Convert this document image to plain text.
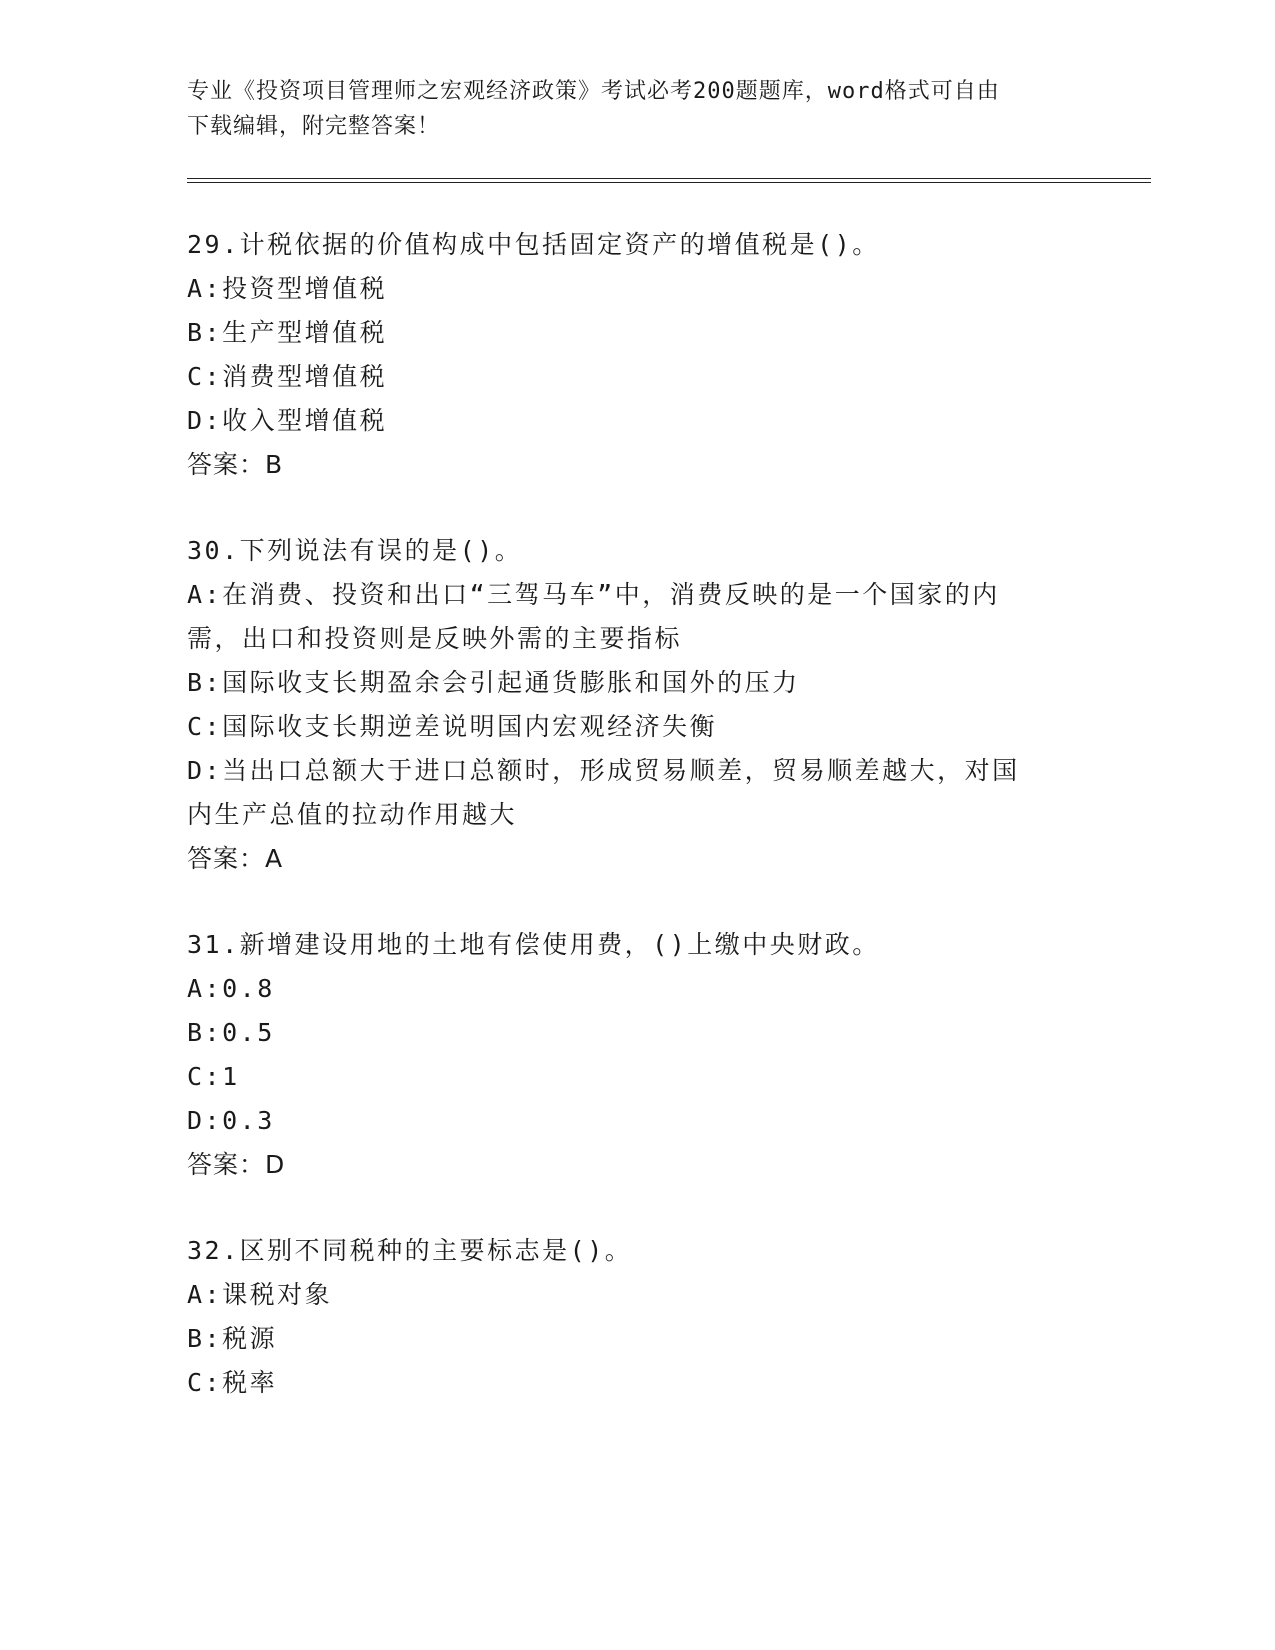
专业《投资项目管理师之宏观经济政策》考试必考200题题库，word格式可自由
下载编辑，附完整答案！
29.计税依据的价值构成中包括固定资产的增值税是()。
A:投资型增值税
B:生产型增值税
C:消费型增值税
D:收入型增值税
答案：B
30.下列说法有误的是()。
A:在消费、投资和出口“三驾马车”中，消费反映的是一个国家的内
需，出口和投资则是反映外需的主要指标
B:国际收支长期盈余会引起通货膨胀和国外的压力
C:国际收支长期逆差说明国内宏观经济失衡
D:当出口总额大于进口总额时，形成贸易顺差，贸易顺差越大，对国
内生产总值的拉动作用越大
答案：A
31.新增建设用地的土地有偿使用费，()上缴中央财政。
A:0.8
B:0.5
C:1
D:0.3
答案：D
32.区别不同税种的主要标志是()。
A:课税对象
B:税源
C:税率
